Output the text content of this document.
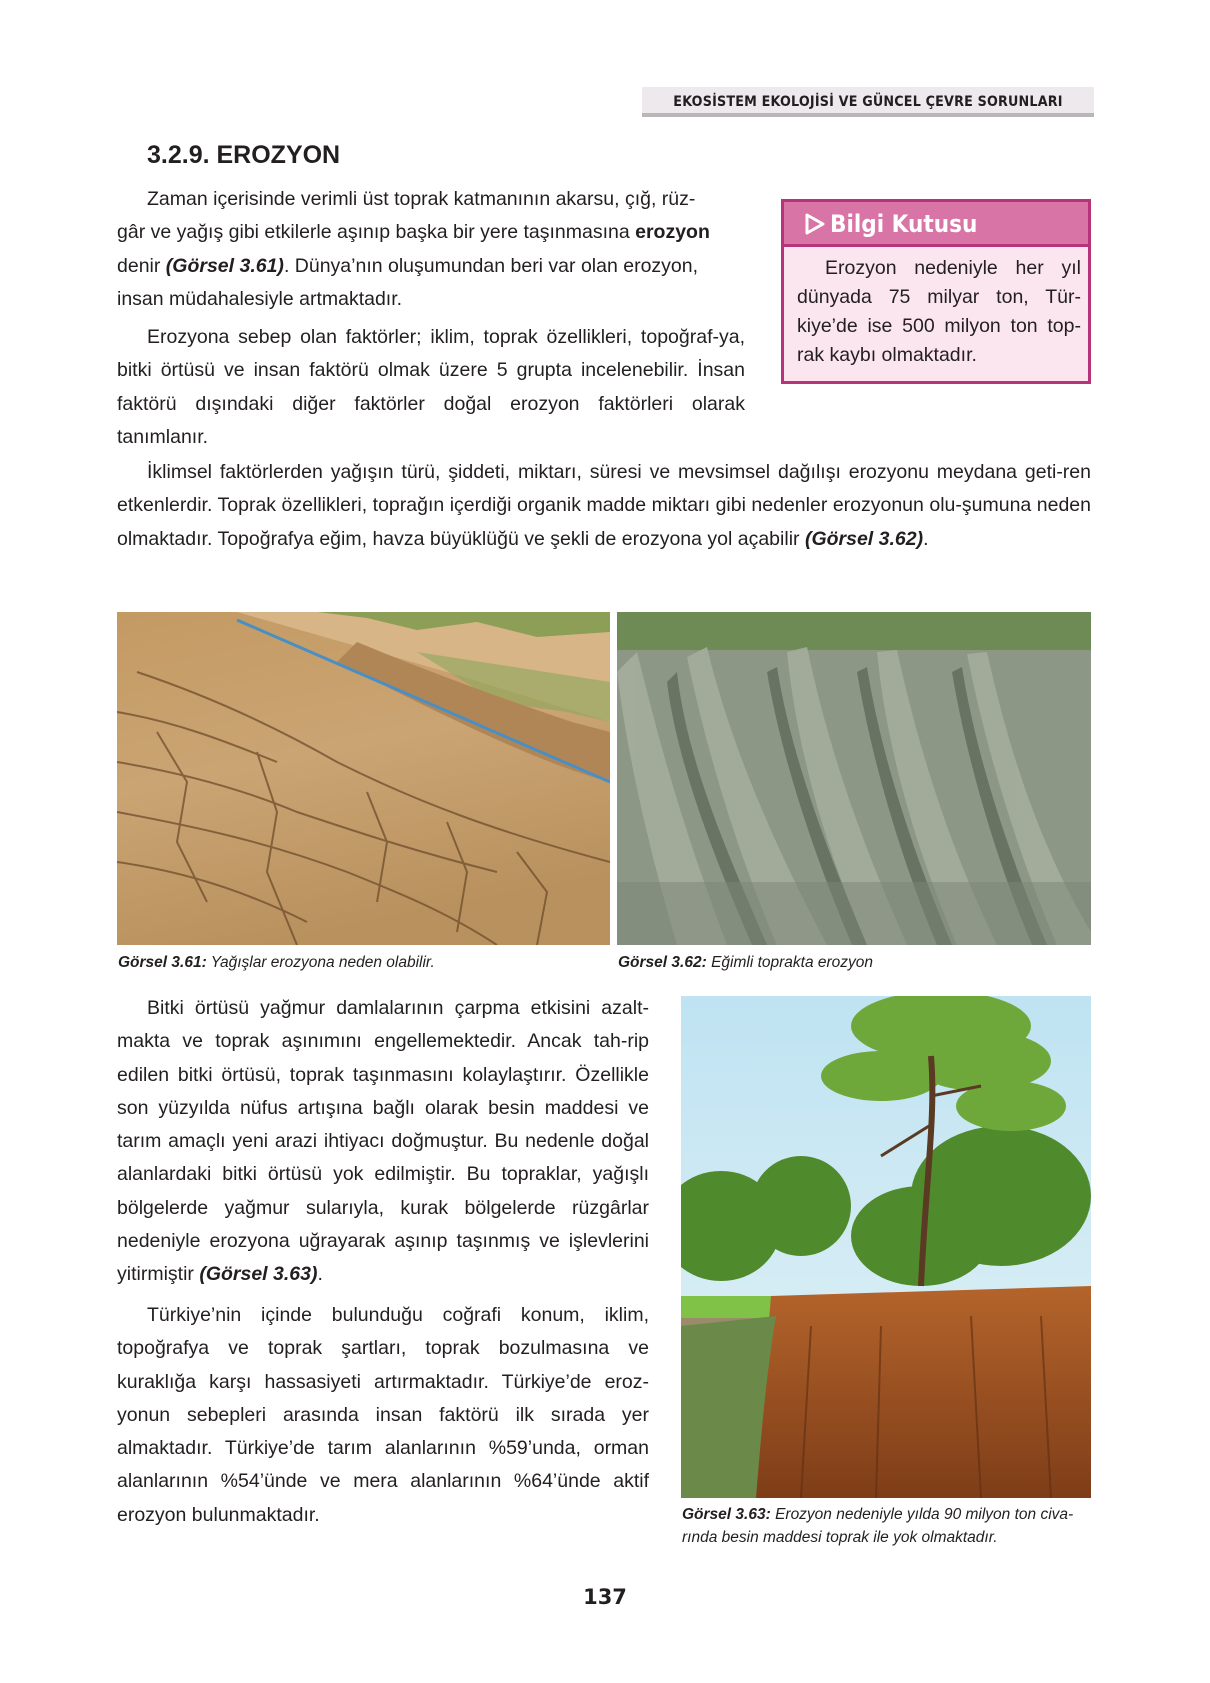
EKOSİSTEM EKOLOJİSİ VE GÜNCEL ÇEVRE SORUNLARI
3.2.9. EROZYON
Zaman içerisinde verimli üst toprak katmanının akarsu, çığ, rüz-
gâr ve yağış gibi etkilerle aşınıp başka bir yere taşınmasına erozyon
denir (Görsel 3.61). Dünya’nın oluşumundan beri var olan erozyon,
insan müdahalesiyle artmaktadır.

Erozyona sebep olan faktörler; iklim, toprak özellikleri, topoğraf-ya, bitki örtüsü ve insan faktörü olmak üzere 5 grupta incelenebilir. İnsan faktörü dışındaki diğer faktörler doğal erozyon faktörleri olarak tanımlanır.

Bilgi Kutusu

Erozyon nedeniyle her yıl dünyada 75 milyar ton, Tür-kiye’de ise 500 milyon ton top-rak kaybı olmaktadır.

İklimsel faktörlerden yağışın türü, şiddeti, miktarı, süresi ve mevsimsel dağılışı erozyonu meydana geti-ren etkenlerdir. Toprak özellikleri, toprağın içerdiği organik madde miktarı gibi nedenler erozyonun olu-şumuna neden olmaktadır. Topoğrafya eğim, havza büyüklüğü ve şekli de erozyona yol açabilir (Görsel 3.62).

Görsel 3.61: Yağışlar erozyona neden olabilir.	Görsel 3.62: Eğimli toprakta erozyon

Bitki örtüsü yağmur damlalarının çarpma etkisini azalt-makta ve toprak aşınımını engellemektedir. Ancak tah-rip edilen bitki örtüsü, toprak taşınmasını kolaylaştırır. Özellikle son yüzyılda nüfus artışına bağlı olarak besin maddesi ve tarım amaçlı yeni arazi ihtiyacı doğmuştur. Bu nedenle doğal alanlardaki bitki örtüsü yok edilmiştir. Bu topraklar, yağışlı bölgelerde yağmur sularıyla, kurak bölgelerde rüzgârlar nedeniyle erozyona uğrayarak aşınıp taşınmış ve işlevlerini yitirmiştir (Görsel 3.63).

Türkiye’nin içinde bulunduğu coğrafi konum, iklim, topoğrafya ve toprak şartları, toprak bozulmasına ve kuraklığa karşı hassasiyeti artırmaktadır. Türkiye’de eroz-yonun sebepleri arasında insan faktörü ilk sırada yer almaktadır. Türkiye’de tarım alanlarının %59’unda, orman alanlarının %54’ünde ve mera alanlarının %64’ünde aktif erozyon bulunmaktadır.	Görsel 3.63: Erozyon nedeniyle yılda 90 milyon ton civa-
rında besin maddesi toprak ile yok olmaktadır.

137
